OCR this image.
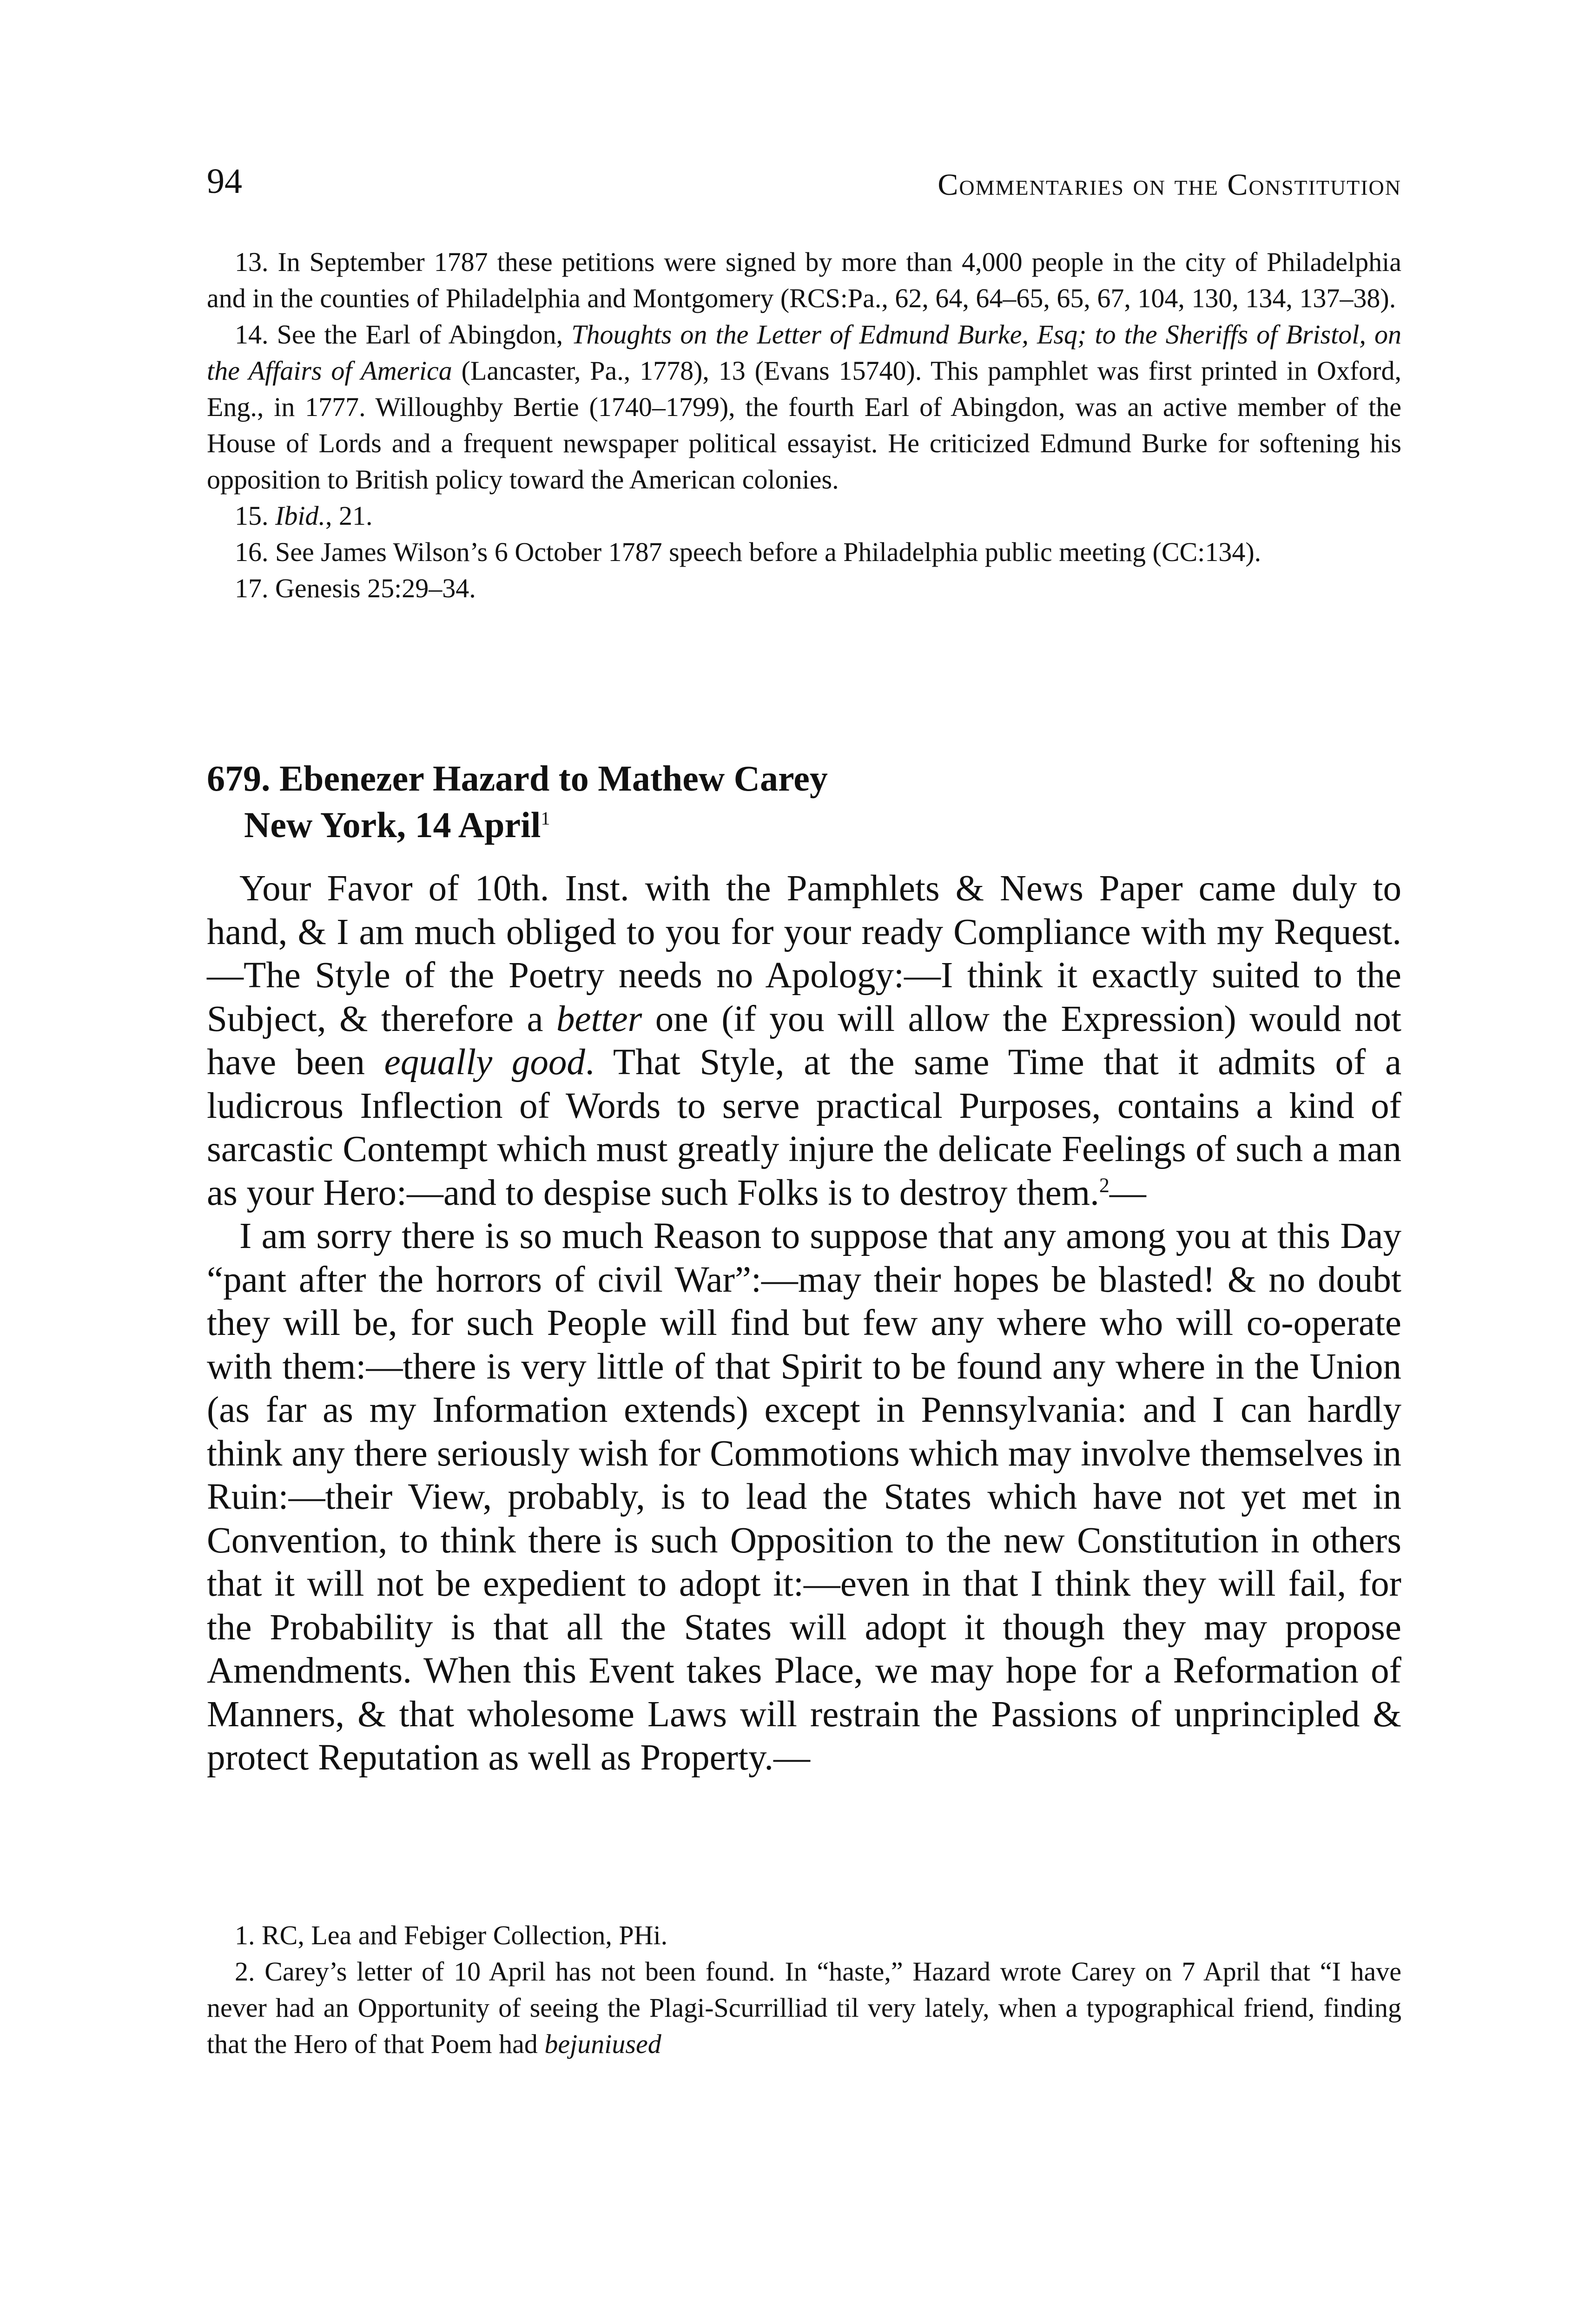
94	Commentaries on the Constitution

13. In September 1787 these petitions were signed by more than 4,000 people in the city of Philadelphia and in the counties of Philadelphia and Montgomery (RCS:Pa., 62, 64, 64–65, 65, 67, 104, 130, 134, 137–38).

14. See the Earl of Abingdon, Thoughts on the Letter of Edmund Burke, Esq; to the Sheriffs of Bristol, on the Affairs of America (Lancaster, Pa., 1778), 13 (Evans 15740). This pamphlet was first printed in Oxford, Eng., in 1777. Willoughby Bertie (1740–1799), the fourth Earl of Abingdon, was an active member of the House of Lords and a frequent newspaper political essayist. He criticized Edmund Burke for softening his opposition to British policy toward the American colonies.

15. Ibid., 21.

16. See James Wilson’s 6 October 1787 speech before a Philadelphia public meeting (CC:134).

17. Genesis 25:29–34.

679. Ebenezer Hazard to Mathew Carey
New York, 14 April$^1$

Your Favor of 10th. Inst. with the Pamphlets & News Paper came duly to hand, & I am much obliged to you for your ready Compliance with my Request.—The Style of the Poetry needs no Apology:—I think it exactly suited to the Subject, & therefore a better one (if you will allow the Expression) would not have been equally good. That Style, at the same Time that it admits of a ludicrous Inflection of Words to serve practical Purposes, contains a kind of sarcastic Contempt which must greatly injure the delicate Feelings of such a man as your Hero:—and to despise such Folks is to destroy them.$^2$—

I am sorry there is so much Reason to suppose that any among you at this Day “pant after the horrors of civil War”:—may their hopes be blasted! & no doubt they will be, for such People will find but few any where who will co-operate with them:—there is very little of that Spirit to be found any where in the Union (as far as my Information extends) except in Pennsylvania: and I can hardly think any there seriously wish for Commotions which may involve themselves in Ruin:—their View, probably, is to lead the States which have not yet met in Convention, to think there is such Opposition to the new Constitution in others that it will not be expedient to adopt it:—even in that I think they will fail, for the Probability is that all the States will adopt it though they may propose Amendments. When this Event takes Place, we may hope for a Reformation of Manners, & that wholesome Laws will restrain the Passions of unprincipled & protect Reputation as well as Property.—

1. RC, Lea and Febiger Collection, PHi.

2. Carey’s letter of 10 April has not been found. In “haste,” Hazard wrote Carey on 7 April that “I have never had an Opportunity of seeing the Plagi-Scurrilliad til very lately, when a typographical friend, finding that the Hero of that Poem had bejuniused
